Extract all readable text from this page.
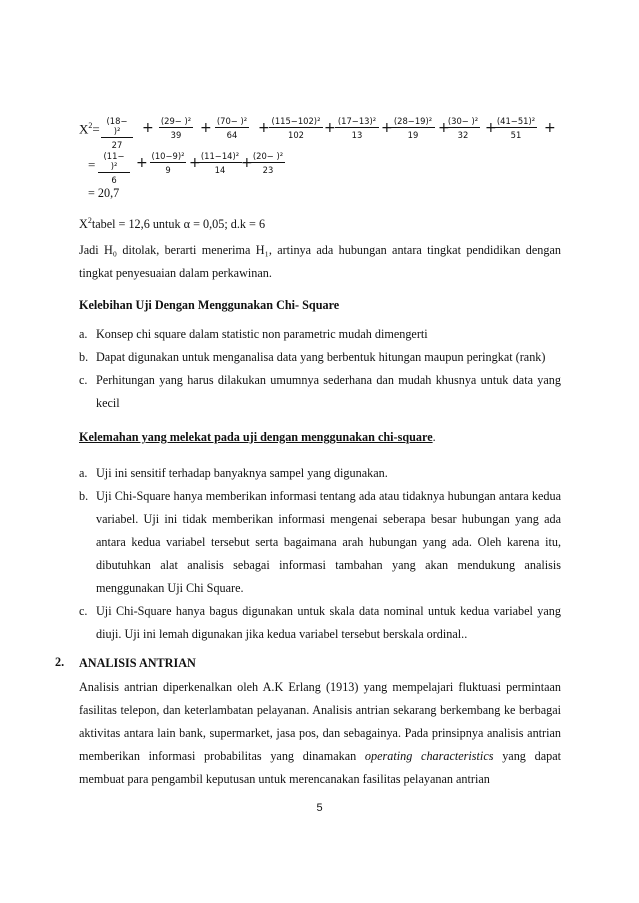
$X^2= \frac{\text{(18− )²}}{27} + \frac{\text{(29− )²}}{39} + \frac{\text{(70− )²}}{64} + \frac{\text{(115−102)²}}{102} + \frac{\text{(17−13)²}}{13}$ +
$\frac{\text{(28−19)²}}{19}$ +
$\frac{\text{(30− )²}}{32}$ +
$\frac{\text{(41−51)²}}{51}$ +
= $\frac{\text{(11− )²}}{6} + \frac{\text{(10−9)²}}{9}$ +
$\frac{\text{(11−14)²}}{14}$ +
$\frac{\text{(20− )²}}{23}$
= 20,7
$X^2tabel = 12,6$ untuk α = 0,05; d.k = 6
Jadi H₀ ditolak, berarti menerima H₁, artinya ada hubungan antara tingkat pendidikan dengan tingkat penyesuaian dalam perkawinan.
Kelebihan Uji Dengan Menggunakan Chi- Square
a. Konsep chi square dalam statistic non parametric mudah dimengerti
b. Dapat digunakan untuk menganalisa data yang berbentuk hitungan maupun peringkat (rank)
c. Perhitungan yang harus dilakukan umumnya sederhana dan mudah khusnya untuk data yang kecil
Kelemahan yang melekat pada uji dengan menggunakan chi-square.
a. Uji ini sensitif terhadap banyaknya sampel yang digunakan.
b. Uji Chi-Square hanya memberikan informasi tentang ada atau tidaknya hubungan antara kedua variabel. Uji ini tidak memberikan informasi mengenai seberapa besar hubungan yang ada antara kedua variabel tersebut serta bagaimana arah hubungan yang ada. Oleh karena itu, dibutuhkan alat analisis sebagai informasi tambahan yang akan mendukung analisis menggunakan Uji Chi Square.
c. Uji Chi-Square hanya bagus digunakan untuk skala data nominal untuk kedua variabel yang diuji. Uji ini lemah digunakan jika kedua variabel tersebut berskala ordinal..
2. ANALISIS ANTRIAN
Analisis antrian diperkenalkan oleh A.K Erlang (1913) yang mempelajari fluktuasi permintaan fasilitas telepon, dan keterlambatan pelayanan. Analisis antrian sekarang berkembang ke berbagai aktivitas antara lain bank, supermarket, jasa pos, dan sebagainya. Pada prinsipnya analisis antrian memberikan informasi probabilitas yang dinamakan operating characteristics yang dapat membuat para pengambil keputusan untuk merencanakan fasilitas pelayanan antrian
5
